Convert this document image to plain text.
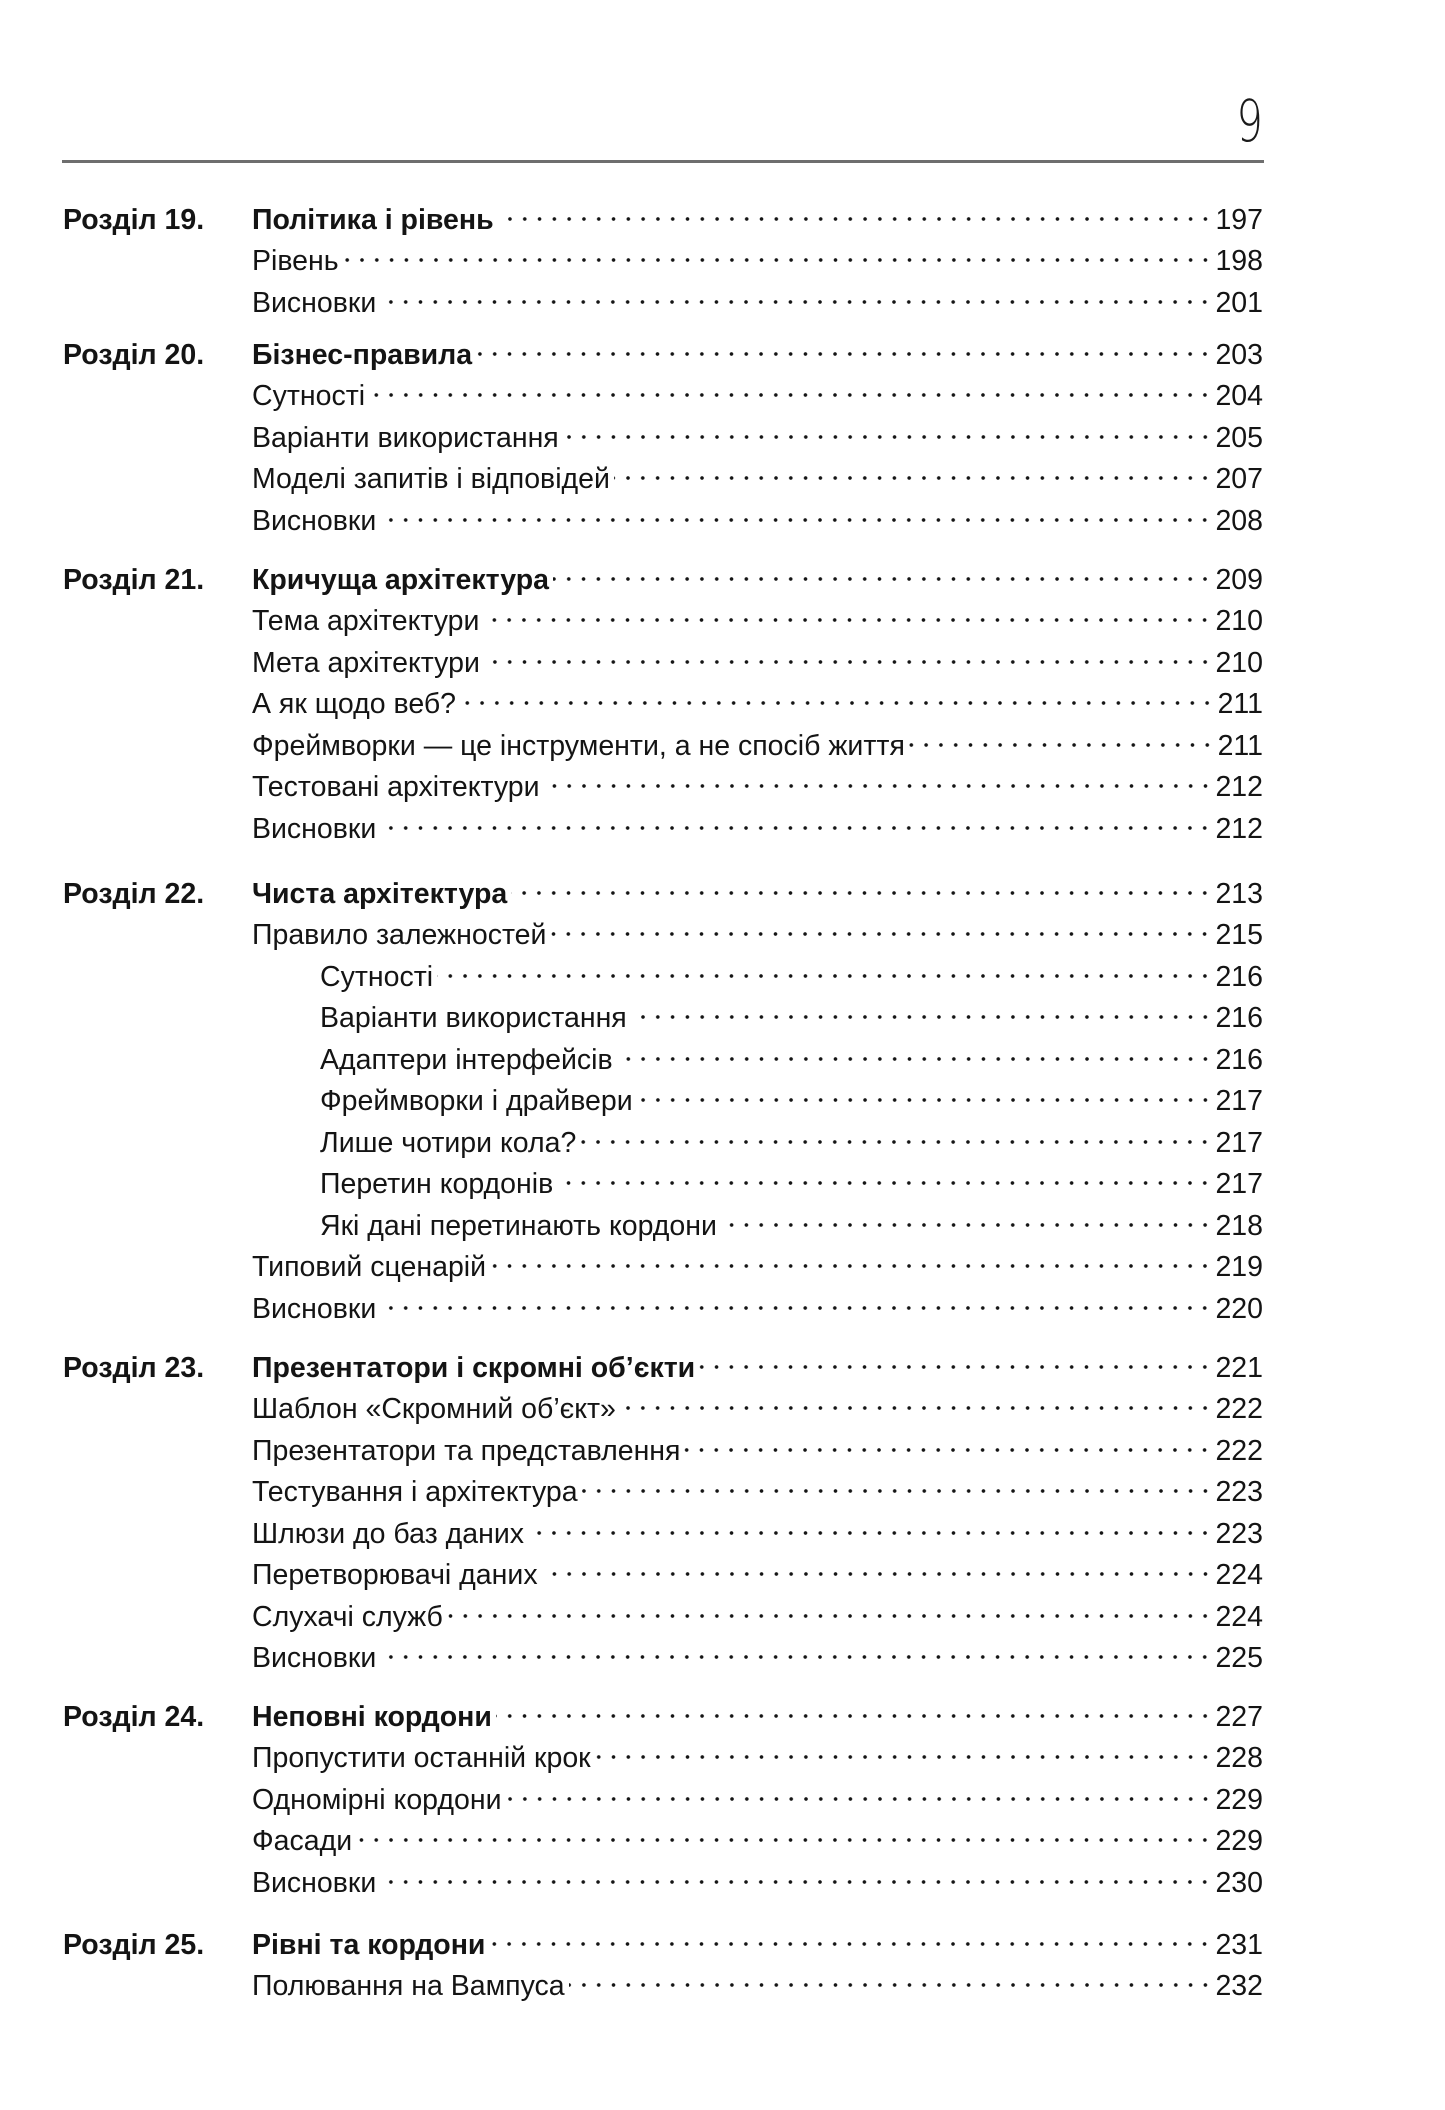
9
Розділ 19. Політика і рівень	197
Рівень	198
Висновки	201
Розділ 20. Бізнес-правила	203
Сутності	204
Варіанти використання	205
Моделі запитів і відповідей	207
Висновки	208
Розділ 21. Кричуща архітектура	209
Тема архітектури	210
Мета архітектури	210
А як щодо веб?	211
Фреймворки — це інструменти, а не спосіб життя	211
Тестовані архітектури	212
Висновки	212
Розділ 22. Чиста архітектура	213
Правило залежностей	215
Сутності	216
Варіанти використання	216
Адаптери інтерфейсів	216
Фреймворки і драйвери	217
Лише чотири кола?	217
Перетин кордонів	217
Які дані перетинають кордони	218
Типовий сценарій	219
Висновки	220
Розділ 23. Презентатори і скромні об’єкти	221
Шаблон «Скромний об’єкт»	222
Презентатори та представлення	222
Тестування і архітектура	223
Шлюзи до баз даних	223
Перетворювачі даних	224
Слухачі служб	224
Висновки	225
Розділ 24. Неповні кордони	227
Пропустити останній крок	228
Одномірні кордони	229
Фасади	229
Висновки	230
Розділ 25. Рівні та кордони	231
Полювання на Вампуса	232
